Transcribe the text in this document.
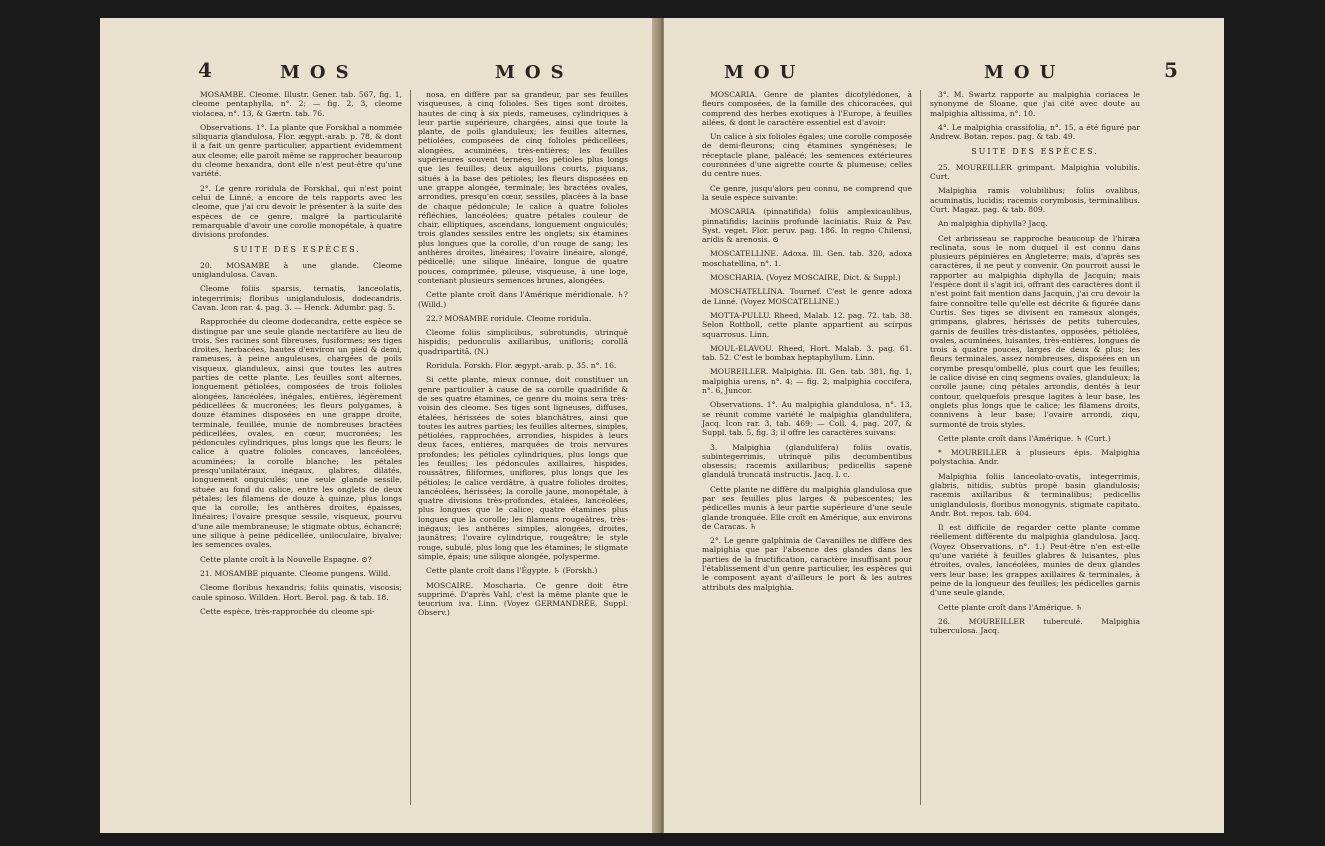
4	MOS	MOS

MOSAMBE. Cleome. Illustr. Gener. tab. 567, fig. 1, cleome pentaphylla, n°. 2; — fig. 2, 3, cleome violacea, n°. 13, & Gærtn. tab. 76.

Observations. 1°. La plante que Forskhal a nommée siliquaria glandulosa, Flor. ægypt.-arab. p. 78, & dont il a fait un genre particulier, appartient évidemment aux cleome; elle paroît même se rapprocher beaucoup du cleome hexandra, dont elle n'est peut-être qu'une variété.

2°. Le genre roridula de Forskhal, qui n'est point celui de Linné, a encore de tels rapports avec les cleome, que j'ai cru devoir le présenter à la suite des espèces de ce genre, malgré la particularité remarquable d'avoir une corolle monopétale, à quatre divisions profondes.

SUITE DES ESPÈCES.

20. MOSAMBE à une glande. Cleome uniglandulosa. Cavan.

Cleome foliis sparsis, ternatis, lanceolatis, integerrimis; floribus uniglandulosis, dodecandris. Cavan. Icon rar. 4. pag. 3. — Henck. Adumbr. pag. 5.

Rapprochée du cleome dodecandra, cette espèce se distingue par une seule glande nectarifère au lieu de trois. Ses racines sont fibreuses, fusiformes; ses tiges droites, herbacées, hautes d'environ un pied & demi, rameuses, à peine anguleuses, chargées de poils visqueux, glanduleux, ainsi que toutes les autres parties de cette plante. Les feuilles sont alternes, longuement pétiolées, composées de trois folioles alongées, lancéolées, inégales, entières, légèrement pédicellées & mucronées; les fleurs polygames, à douze étamines disposées en une grappe droite, terminale, feuillée, munie de nombreuses bractées pédicellées, ovales, en cœur, mucronées; les pédoncules cylindriques, plus longs que les fleurs; le calice à quatre folioles concaves, lancéolées, acuminées; la corolle blanche; les pétales presqu'unilatéraux, inégaux, glabres, dilatés, longuement onguiculés; une seule glande sessile, située au fond du calice, entre les onglets de deux pétales; les filamens de douze à quinze, plus longs que la corolle; les anthères droites, épaisses, linéaires; l'ovaire presque sessile, visqueux, pourvu d'une aile membraneuse; le stigmate obtus, échancré; une silique à peine pédicellée, uniloculaire, bivalve; les semences ovales.

Cette plante croît à la Nouvelle Espagne. ⊙?

21. MOSAMBE piquante. Cleome pungens. Willd.

Cleome floribus hexandris; foliis quinatis, viscosis; caule spinoso. Willden. Hort. Berol. pag. & tab. 18.

Cette espèce, très-rapprochée du cleome spi-

nosa, en diffère par sa grandeur, par ses feuilles visqueuses, à cinq folioles. Ses tiges sont droites, hautes de cinq à six pieds, rameuses, cylindriques à leur partie supérieure, chargées, ainsi que toute la plante, de poils glanduleux; les feuilles alternes, pétiolées, composées de cinq folioles pédicellées, alongées, acuminées, très-entières; les feuilles supérieures souvent ternées; les pétioles plus longs que les feuilles; deux aiguillons courts, piquans, situés à la base des pétioles; les fleurs disposées en une grappe alongée, terminale; les bractées ovales, arrondies, presqu'en cœur, sessiles, placées à la base de chaque pédoncule; le calice à quatre folioles réfléchies, lancéolées; quatre pétales couleur de chair, elliptiques, ascendans, longuement onguiculés; trois glandes sessiles entre les onglets; six étamines plus longues que la corolle, d'un rouge de sang; les anthères droites, linéaires; l'ovaire linéaire, alongé, pédicellé; une silique linéaire, longue de quatre pouces, comprimée, pileuse, visqueuse, à une loge, contenant plusieurs semences brunes, alongées.

Cette plante croît dans l'Amérique méridionale. ♄? (Willd.)

22.? MOSAMBE roridule. Cleome roridula.

Cleome foliis simplicibus, subrotundis, utrinquè hispidis; pedunculis axillaribus, unifloris; corollâ quadripartitâ. (N.)

Roridula. Forskh. Flor. ægypt.-arab. p. 35. n°. 16.

Si cette plante, mieux connue, doit constituer un genre particulier à cause de sa corolle quadrifide & de ses quatre étamines, ce genre du moins sera très-voisin des cleome. Ses tiges sont ligneuses, diffuses, étalées, hérissées de soies blanchâtres, ainsi que toutes les autres parties; les feuilles alternes, simples, pétiolées, rapprochées, arrondies, hispides à leurs deux faces, entières, marquées de trois nervures profondes; les pétioles cylindriques, plus longs que les feuilles; les pédoncules axillaires, hispides, roussâtres, filiformes, uniflores, plus longs que les pétioles; le calice verdâtre, à quatre folioles droites, lancéolées, hérissées; la corolle jaune, monopétale, à quatre divisions très-profondes, étalées, lancéolées, plus longues que le calice; quatre étamines plus longues que la corolle; les filamens rougeâtres, très-inégaux; les anthères simples, alongées, droites, jaunâtres; l'ovaire cylindrique, rougeâtre; le style rouge, subulé, plus long que les étamines; le stigmate simple, épais; une silique alongée, polysperme.

Cette plante croît dans l'Égypte. ♄ (Forskh.)

MOSCAIRE. Moscharia. Ce genre doit être supprimé. D'après Vahl, c'est la même plante que le teucrium iva. Linn. (Voyez GERMANDRÉE, Suppl. Observ.)

MOU	MOU	5

MOSCARIA. Genre de plantes dicotylédones, à fleurs composées, de la famille des chicoracées, qui comprend des herbes exotiques à l'Europe, à feuilles ailées, & dont le caractère essentiel est d'avoir:

Un calice à six folioles égales; une corolle composée de demi-fleurons; cinq étamines syngénèses; le réceptacle plane, paléacé; les semences extérieures couronnées d'une aigrette courte & plumeuse; celles du centre nues.

Ce genre, jusqu'alors peu connu, ne comprend que la seule espèce suivante:

MOSCARIA (pinnatifida) foliis amplexicaulibus, pinnatifidis; laciniis profundè laciniatis. Ruiz & Pav. Syst. veget. Flor. peruv. pag. 186. In regno Chilensi, aridis & arenosis. ⊙

MOSCATELLINE. Adoxa. Ill. Gen. tab. 320, adoxa moschatellina, n°. 1.

MOSCHARIA. (Voyez MOSCAIRE, Dict. & Suppl.)

MOSCHATELLINA. Tournef. C'est le genre adoxa de Linné. (Voyez MOSCATELLINE.)

MOTTA-PULLU. Rheed, Malab. 12. pag. 72. tab. 38. Selon Rottboll, cette plante appartient au scirpus squarrosus. Linn.

MOUL-ELAVOU. Rheed, Hort. Malab. 3. pag. 61. tab. 52. C'est le bombax heptaphyllum. Linn.

MOUREILLER. Malpighia. Ill. Gen. tab. 381, fig. 1, malpighia urens, n°. 4; — fig. 2, malpighia coccifera, n°. 6, Juncor.

Observations. 1°. Au malpighia glandulosa, n°. 13, se réunit comme variété le malpighia glandulifera, Jacq. Icon rar. 3, tab. 469; — Coll. 4, pag. 207, & Suppl. tab. 5, fig. 3; il offre les caractères suivans:

3. Malpighia (glandulifera) foliis ovatis, subintegerrimis, utrinquè pilis decumbentibus obsessis; racemis axillaribus; pedicellis sapenè glandulâ truncatâ instructis. Jacq. l. c.

Cette plante ne diffère du malpighia glandulosa que par ses feuilles plus larges & pubescentes; les pédicelles munis à leur partie supérieure d'une seule glande tronquée. Elle croît en Amérique, aux environs de Caracas. ♄

2°. Le genre galphimia de Cavanilles ne diffère des malpighia que par l'absence des glandes dans les parties de la fructification, caractère insuffisant pour l'établissement d'un genre particulier, les espèces qui le composent ayant d'ailleurs le port & les autres attributs des malpighia.

3°. M. Swartz rapporte au malpighia coriacea le synonyme de Sloane, que j'ai cité avec doute au malpighia altissima, n°. 10.

4°. Le malpighia crassifolia, n°. 15, a été figuré par Andrew. Botan. repos. pag. & tab. 49.

SUITE DES ESPÈCES.

25. MOUREILLER grimpant. Malpighia volubilis. Curt.

Malpighia ramis volubilibus; foliis ovalibus, acuminatis, lucidis; racemis corymbosis, terminalibus. Curt. Magaz. pag. & tab. 809.

An malpighia diphylla? Jacq.

Cet arbrisseau se rapproche beaucoup de l'hiræa reclinata, sous le nom duquel il est connu dans plusieurs pépinières en Angleterre; mais, d'après ses caractères, il ne peut y convenir. On pourroit aussi le rapporter au malpighia diphylla de Jacquin; mais l'espèce dont il s'agit ici, offrant des caractères dont il n'est point fait mention dans Jacquin, j'ai cru devoir la faire connoître telle qu'elle est décrite & figurée dans Curtis. Ses tiges se divisent en rameaux alongés, grimpans, glabres, hérissés de petits tubercules, garnis de feuilles très-distantes, opposées, pétiolées, ovales, acuminées, luisantes, très-entières, longues de trois à quatre pouces, larges de deux & plus; les fleurs terminales, assez nombreuses, disposées en un corymbe presqu'ombellé, plus court que les feuilles; le calice divisé en cinq segmens ovales, glanduleux; la corolle jaune; cinq pétales arrondis, dentés à leur contour, quelquefois presque lagites à leur base, les onglets plus longs que le calice; les filamens droits, connivens à leur base; l'ovaire arrondi, ziqu, surmonté de trois styles.

Cette plante croît dans l'Amérique. ♄ (Curt.)

* MOUREILLER à plusieurs épis. Malpighia polystachia. Andr.

Malpighia foliis lanceolato-ovatis, integerrimis, glabris, nitidis, subtùs propè basin glandulosis; racemis axillaribus & terminalibus; pedicellis uniglandulosis, floribus monogynis, stigmate capitato. Andr. Bot. repos. tab. 604.

Il est difficile de regarder cette plante comme réellement différente du malpighia glandulosa. Jacq. (Voyez Observations, n°. 1.) Peut-être n'en est-elle qu'une variété à feuilles glabres & luisantes, plus étroites, ovales, lancéolées, munies de deux glandes vers leur base; les grappes axillaires & terminales, à peine de la longueur des feuilles; les pédicelles garnis d'une seule glande.

Cette plante croît dans l'Amérique. ♄

26. MOUREILLER tuberculé. Malpighia tuberculosa. Jacq.
